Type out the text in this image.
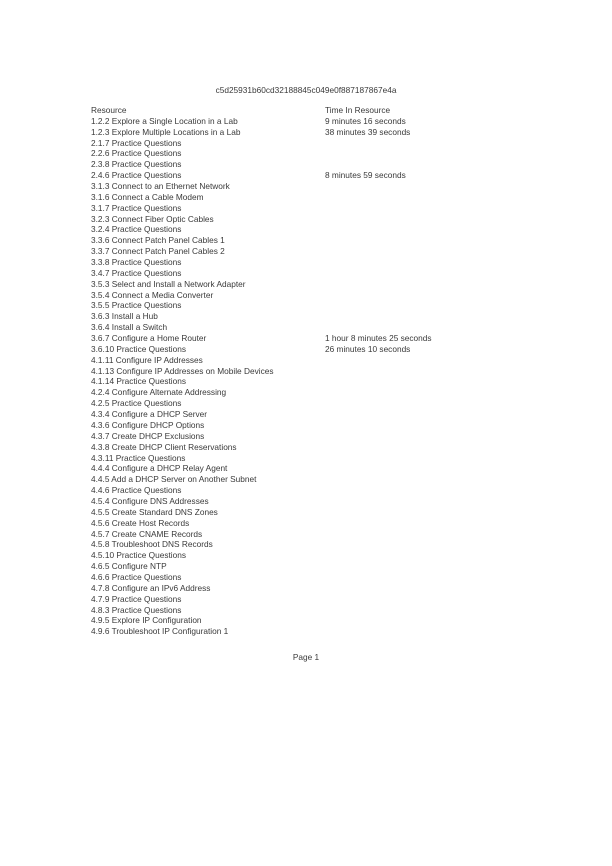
c5d25931b60cd32188845c049e0f887187867e4a
Resource	Time In Resource
1.2.2 Explore a Single Location in a Lab	9 minutes 16 seconds
1.2.3 Explore Multiple Locations in a Lab	38 minutes 39 seconds
2.1.7 Practice Questions

2.2.6 Practice Questions

2.3.8 Practice Questions

2.4.6 Practice Questions	8 minutes 59 seconds
3.1.3 Connect to an Ethernet Network

3.1.6 Connect a Cable Modem

3.1.7 Practice Questions

3.2.3 Connect Fiber Optic Cables

3.2.4 Practice Questions

3.3.6 Connect Patch Panel Cables 1

3.3.7 Connect Patch Panel Cables 2

3.3.8 Practice Questions

3.4.7 Practice Questions

3.5.3 Select and Install a Network Adapter

3.5.4 Connect a Media Converter

3.5.5 Practice Questions

3.6.3 Install a Hub

3.6.4 Install a Switch

3.6.7 Configure a Home Router	1 hour 8 minutes 25 seconds
3.6.10 Practice Questions	26 minutes 10 seconds
4.1.11 Configure IP Addresses

4.1.13 Configure IP Addresses on Mobile Devices

4.1.14 Practice Questions

4.2.4 Configure Alternate Addressing

4.2.5 Practice Questions

4.3.4 Configure a DHCP Server

4.3.6 Configure DHCP Options

4.3.7 Create DHCP Exclusions

4.3.8 Create DHCP Client Reservations

4.3.11 Practice Questions

4.4.4 Configure a DHCP Relay Agent

4.4.5 Add a DHCP Server on Another Subnet

4.4.6 Practice Questions

4.5.4 Configure DNS Addresses

4.5.5 Create Standard DNS Zones

4.5.6 Create Host Records

4.5.7 Create CNAME Records

4.5.8 Troubleshoot DNS Records

4.5.10 Practice Questions

4.6.5 Configure NTP

4.6.6 Practice Questions

4.7.8 Configure an IPv6 Address

4.7.9 Practice Questions

4.8.3 Practice Questions

4.9.5 Explore IP Configuration

4.9.6 Troubleshoot IP Configuration 1

Page 1
